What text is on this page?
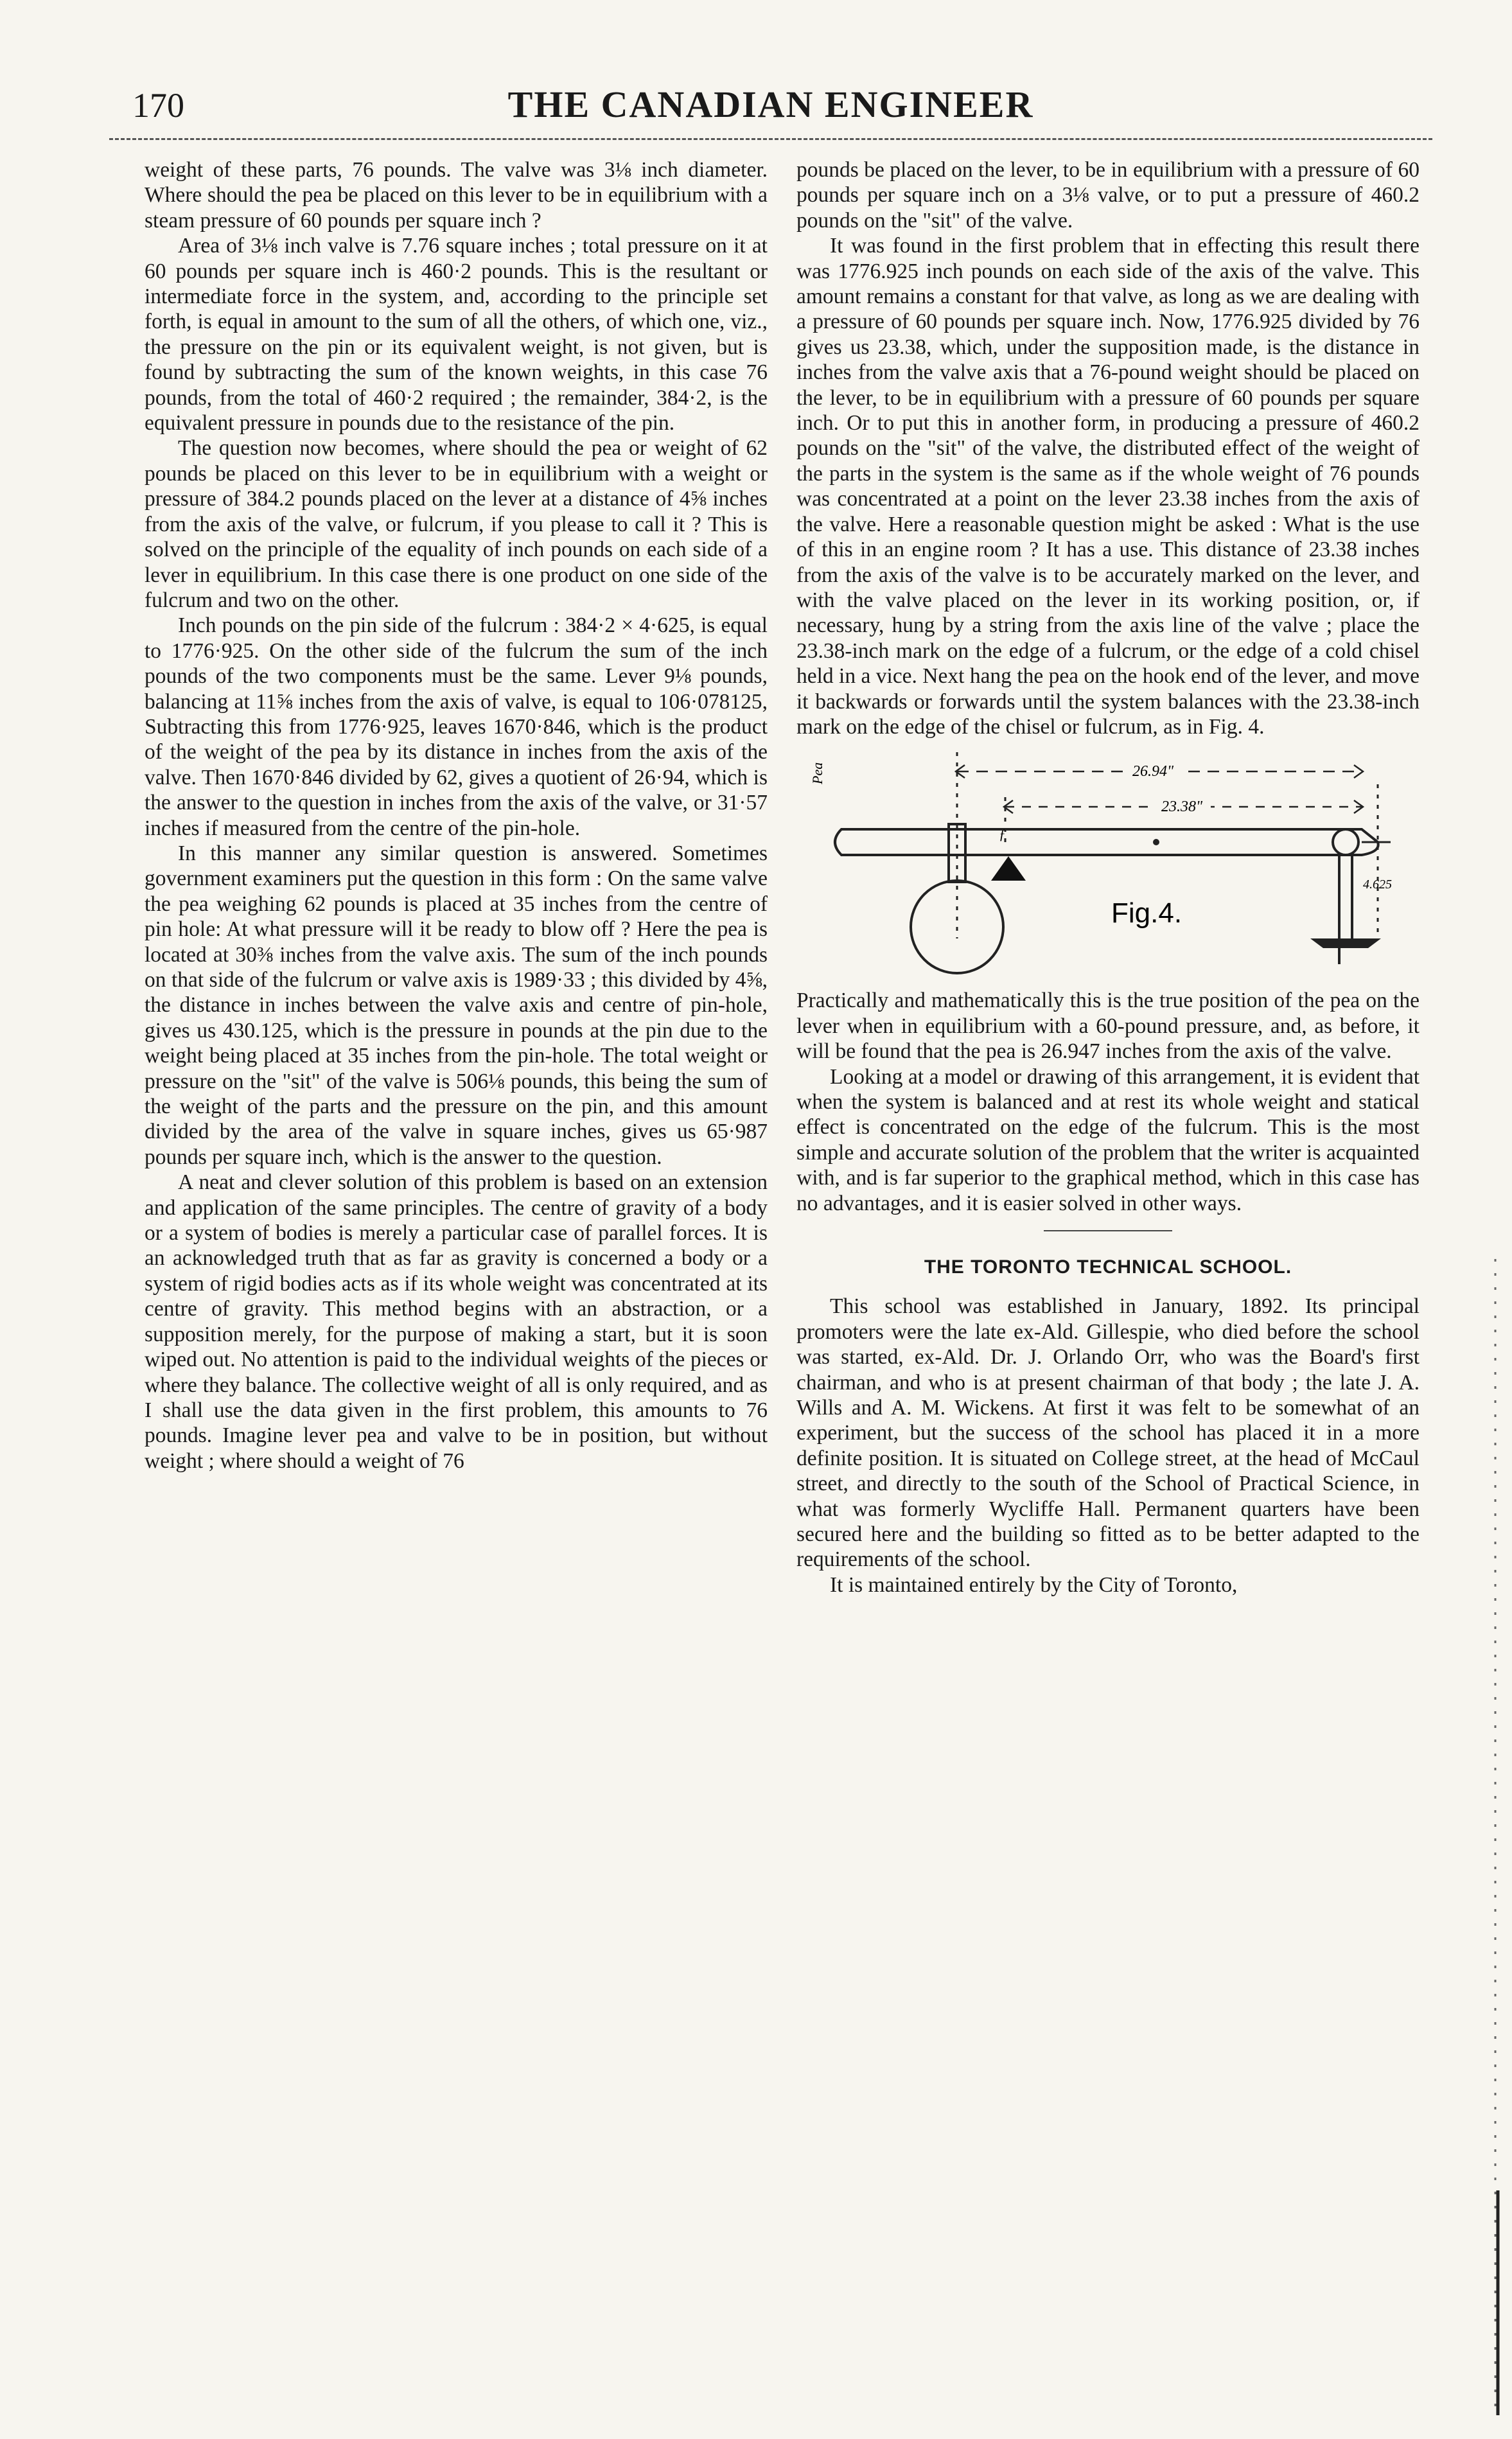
170	THE CANADIAN ENGINEER

weight of these parts, 76 pounds. The valve was 3⅛ inch diameter. Where should the pea be placed on this lever to be in equilibrium with a steam pressure of 60 pounds per square inch ?

Area of 3⅛ inch valve is 7.76 square inches ; total pressure on it at 60 pounds per square inch is 460·2 pounds. This is the resultant or intermediate force in the system, and, according to the principle set forth, is equal in amount to the sum of all the others, of which one, viz., the pressure on the pin or its equivalent weight, is not given, but is found by subtracting the sum of the known weights, in this case 76 pounds, from the total of 460·2 required ; the remainder, 384·2, is the equivalent pressure in pounds due to the resistance of the pin.

The question now becomes, where should the pea or weight of 62 pounds be placed on this lever to be in equilibrium with a weight or pressure of 384.2 pounds placed on the lever at a distance of 4⅝ inches from the axis of the valve, or fulcrum, if you please to call it ? This is solved on the principle of the equality of inch pounds on each side of a lever in equilibrium. In this case there is one product on one side of the fulcrum and two on the other.

Inch pounds on the pin side of the fulcrum : 384·2 × 4·625, is equal to 1776·925. On the other side of the fulcrum the sum of the inch pounds of the two components must be the same. Lever 9⅛ pounds, balancing at 11⅝ inches from the axis of valve, is equal to 106·078125, Subtracting this from 1776·925, leaves 1670·846, which is the product of the weight of the pea by its distance in inches from the axis of the valve. Then 1670·846 divided by 62, gives a quotient of 26·94, which is the answer to the question in inches from the axis of the valve, or 31·57 inches if measured from the centre of the pin-hole.

In this manner any similar question is answered. Sometimes government examiners put the question in this form : On the same valve the pea weighing 62 pounds is placed at 35 inches from the centre of pin hole: At what pressure will it be ready to blow off ? Here the pea is located at 30⅜ inches from the valve axis. The sum of the inch pounds on that side of the fulcrum or valve axis is 1989·33 ; this divided by 4⅝, the distance in inches between the valve axis and centre of pin-hole, gives us 430.125, which is the pressure in pounds at the pin due to the weight being placed at 35 inches from the pin-hole. The total weight or pressure on the "sit" of the valve is 506⅛ pounds, this being the sum of the weight of the parts and the pressure on the pin, and this amount divided by the area of the valve in square inches, gives us 65·987 pounds per square inch, which is the answer to the question.

A neat and clever solution of this problem is based on an extension and application of the same principles. The centre of gravity of a body or a system of bodies is merely a particular case of parallel forces. It is an acknowledged truth that as far as gravity is concerned a body or a system of rigid bodies acts as if its whole weight was concentrated at its centre of gravity. This method begins with an abstraction, or a supposition merely, for the purpose of making a start, but it is soon wiped out. No attention is paid to the individual weights of the pieces or where they balance. The collective weight of all is only required, and as I shall use the data given in the first problem, this amounts to 76 pounds. Imagine lever pea and valve to be in position, but without weight ; where should a weight of 76

pounds be placed on the lever, to be in equilibrium with a pressure of 60 pounds per square inch on a 3⅛ valve, or to put a pressure of 460.2 pounds on the "sit" of the valve.

It was found in the first problem that in effecting this result there was 1776.925 inch pounds on each side of the axis of the valve. This amount remains a constant for that valve, as long as we are dealing with a pressure of 60 pounds per square inch. Now, 1776.925 divided by 76 gives us 23.38, which, under the supposition made, is the distance in inches from the valve axis that a 76-pound weight should be placed on the lever, to be in equilibrium with a pressure of 60 pounds per square inch. Or to put this in another form, in producing a pressure of 460.2 pounds on the "sit" of the valve, the distributed effect of the weight of the parts in the system is the same as if the whole weight of 76 pounds was concentrated at a point on the lever 23.38 inches from the axis of the valve. Here a reasonable question might be asked : What is the use of this in an engine room ? It has a use. This distance of 23.38 inches from the axis of the valve is to be accurately marked on the lever, and with the valve placed on the lever in its working position, or, if necessary, hung by a string from the axis line of the valve ; place the 23.38-inch mark on the edge of a fulcrum, or the edge of a cold chisel held in a vice. Next hang the pea on the hook end of the lever, and move it backwards or forwards until the system balances with the 23.38-inch mark on the edge of the chisel or fulcrum, as in Fig. 4.

Pea	26.94"
23.38"
ƒ
4.625
Fig.4.

Practically and mathematically this is the true position of the pea on the lever when in equilibrium with a 60-pound pressure, and, as before, it will be found that the pea is 26.947 inches from the axis of the valve.

Looking at a model or drawing of this arrangement, it is evident that when the system is balanced and at rest its whole weight and statical effect is concentrated on the edge of the fulcrum. This is the most simple and accurate solution of the problem that the writer is acquainted with, and is far superior to the graphical method, which in this case has no advantages, and it is easier solved in other ways.

THE TORONTO TECHNICAL SCHOOL.

This school was established in January, 1892. Its principal promoters were the late ex-Ald. Gillespie, who died before the school was started, ex-Ald. Dr. J. Orlando Orr, who was the Board's first chairman, and who is at present chairman of that body ; the late J. A. Wills and A. M. Wickens. At first it was felt to be somewhat of an experiment, but the success of the school has placed it in a more definite position. It is situated on College street, at the head of McCaul street, and directly to the south of the School of Practical Science, in what was formerly Wycliffe Hall. Permanent quarters have been secured here and the building so fitted as to be better adapted to the requirements of the school.

It is maintained entirely by the City of Toronto,
